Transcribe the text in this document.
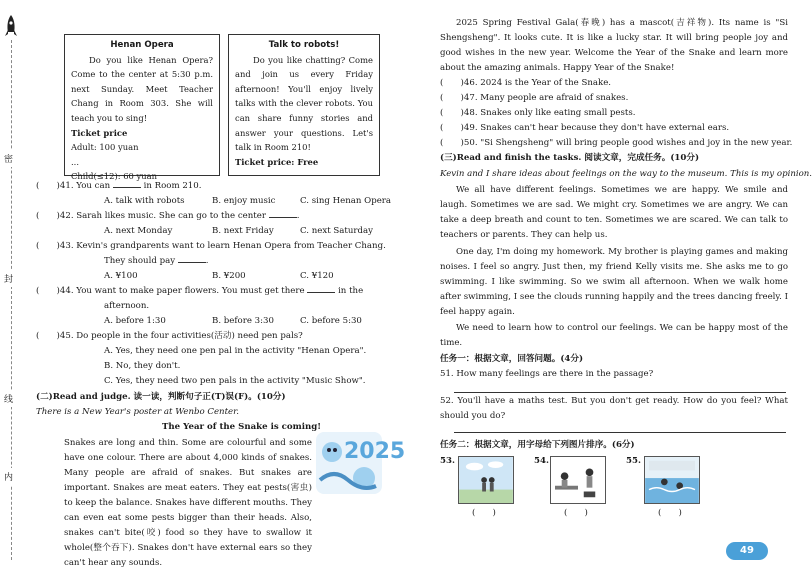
密
封
线
内
Henan Opera
Do you like Henan Opera? Come to the center at 5:30 p.m. next Sunday. Meet Teacher Chang in Room 303. She will teach you to sing!
Ticket price
Adult: 100 yuan
...
Child(≤12): 60 yuan
Talk to robots!
Do you like chatting? Come and join us every Friday afternoon! You'll enjoy lively talks with the clever robots. You can share funny stories and answer your questions. Let's talk in Room 210!
Ticket price: Free
(　　)41. You can	in Room 210.
A. talk with robots	B. enjoy music	C. sing Henan Opera
(　　)42. Sarah likes music. She can go to the center	.
A. next Monday	B. next Friday	C. next Saturday
(　　)43. Kevin's grandparents want to learn Henan Opera from Teacher Chang.
They should pay	.
A. ¥100	B. ¥200	C. ¥120
(　　)44. You want to make paper flowers. You must get there	in the
afternoon.
A. before 1:30	B. before 3:30	C. before 5:30
(　　)45. Do people in the four activities(活动) need pen pals?
A. Yes, they need one pen pal in the activity "Henan Opera".
B. No, they don't.
C. Yes, they need two pen pals in the activity "Music Show".
(二)Read and judge. 读一读，判断句子正(T)误(F)。(10分)
There is a New Year's poster at Wenbo Center.
The Year of the Snake is coming!
Snakes are long and thin. Some are colourful and some have one colour. There are about 4,000 kinds of snakes. Many people are afraid of snakes. But snakes are important. Snakes are meat eaters. They eat pests(害虫) to keep the balance. Snakes have different mouths. They can even eat some pests bigger than their heads. Also, snakes can't bite(咬) food so they have to swallow it whole(整个吞下). Snakes don't have external ears so they can't hear any sounds.
2025
2025 Spring Festival Gala(春晚) has a mascot(吉祥物). Its name is "Si Shengsheng". It looks cute. It is like a lucky star. It will bring people joy and good wishes in the new year. Welcome the Year of the Snake and learn more about the amazing animals. Happy Year of the Snake!
(　　)46. 2024 is the Year of the Snake.
(　　)47. Many people are afraid of snakes.
(　　)48. Snakes only like eating small pests.
(　　)49. Snakes can't hear because they don't have external ears.
(　　)50. "Si Shengsheng" will bring people good wishes and joy in the new year.
(三)Read and finish the tasks. 阅读文章，完成任务。(10分)
Kevin and I share ideas about feelings on the way to the museum. This is my opinion.
We all have different feelings. Sometimes we are happy. We smile and laugh. Sometimes we are sad. We might cry. Sometimes we are angry. We can take a deep breath and count to ten. Sometimes we are scared. We can talk to teachers or parents. They can help us.
One day, I'm doing my homework. My brother is playing games and making noises. I feel so angry. Just then, my friend Kelly visits me. She asks me to go swimming. I like swimming. So we swim all afternoon. When we walk home after swimming, I see the clouds running happily and the trees dancing freely. I feel happy again.
We need to learn how to control our feelings. We can be happy most of the time.
任务一：根据文章，回答问题。(4分)
51. How many feelings are there in the passage?
52. You'll have a maths test. But you don't get ready. How do you feel? What should you do?
任务二：根据文章，用字母给下列图片排序。(6分)
53.
(　　)
54.
(　　)
55.
(　　)
49
